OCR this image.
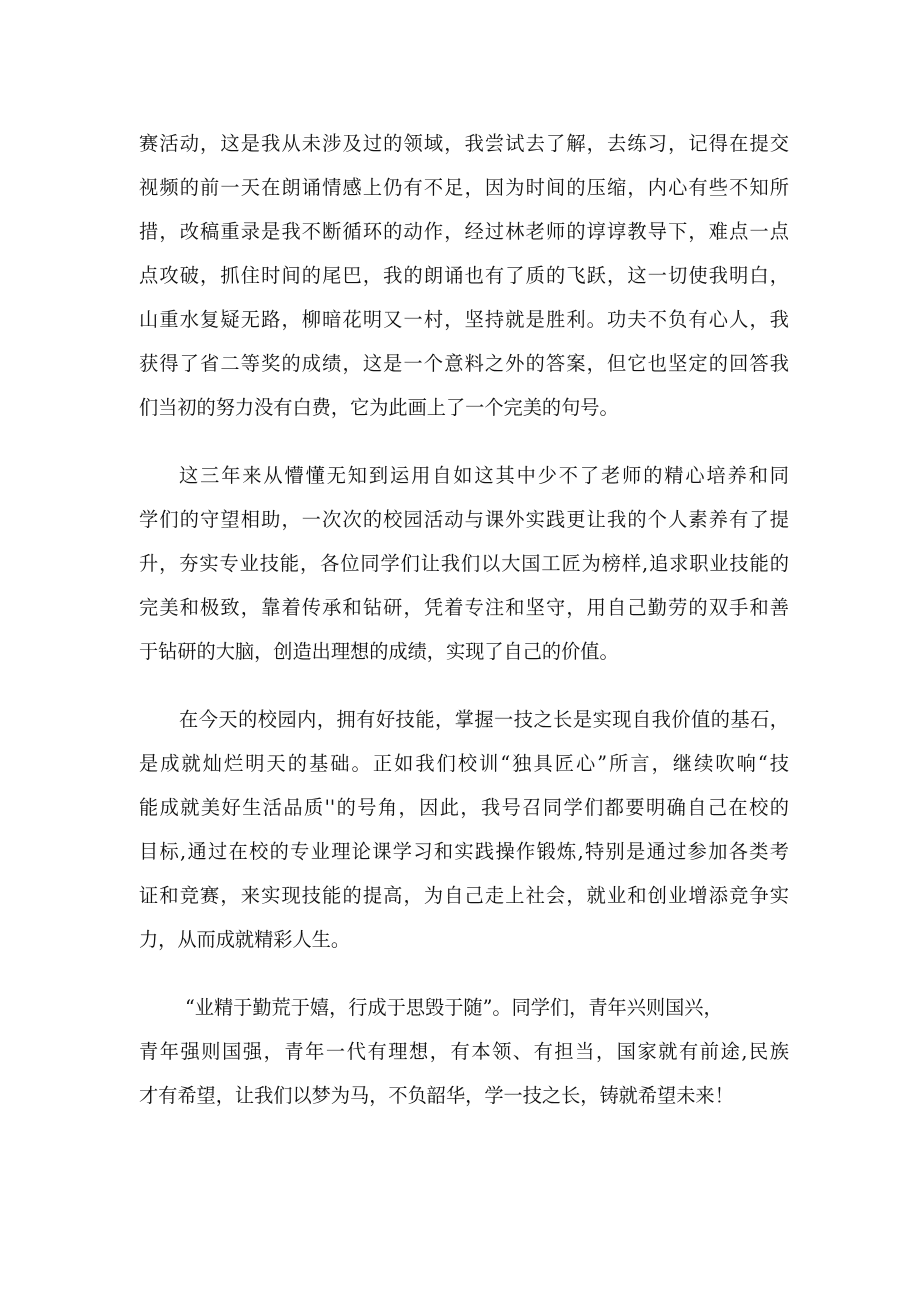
赛活动，这是我从未涉及过的领域，我尝试去了解，去练习，记得在提交
视频的前一天在朗诵情感上仍有不足，因为时间的压缩，内心有些不知所
措，改稿重录是我不断循环的动作，经过林老师的谆谆教导下，难点一点
点攻破，抓住时间的尾巴，我的朗诵也有了质的飞跃，这一切使我明白，
山重水复疑无路，柳暗花明又一村，坚持就是胜利。功夫不负有心人，我
获得了省二等奖的成绩，这是一个意料之外的答案，但它也坚定的回答我
们当初的努力没有白费，它为此画上了一个完美的句号。
这三年来从懵懂无知到运用自如这其中少不了老师的精心培养和同
学们的守望相助，一次次的校园活动与课外实践更让我的个人素养有了提
升，夯实专业技能，各位同学们让我们以大国工匠为榜样,追求职业技能的
完美和极致，靠着传承和钻研，凭着专注和坚守，用自己勤劳的双手和善
于钻研的大脑，创造出理想的成绩，实现了自己的价值。
在今天的校园内，拥有好技能，掌握一技之长是实现自我价值的基石，
是成就灿烂明天的基础。正如我们校训“独具匠心”所言，继续吹响“技
能成就美好生活品质''的号角，因此，我号召同学们都要明确自己在校的
目标,通过在校的专业理论课学习和实践操作锻炼,特别是通过参加各类考
证和竞赛，来实现技能的提高，为自己走上社会，就业和创业增添竞争实
力，从而成就精彩人生。
“业精于勤荒于嬉，行成于思毁于随”。同学们，青年兴则国兴，
青年强则国强，青年一代有理想，有本领、有担当，国家就有前途,民族
才有希望，让我们以梦为马，不负韶华，学一技之长，铸就希望未来！
